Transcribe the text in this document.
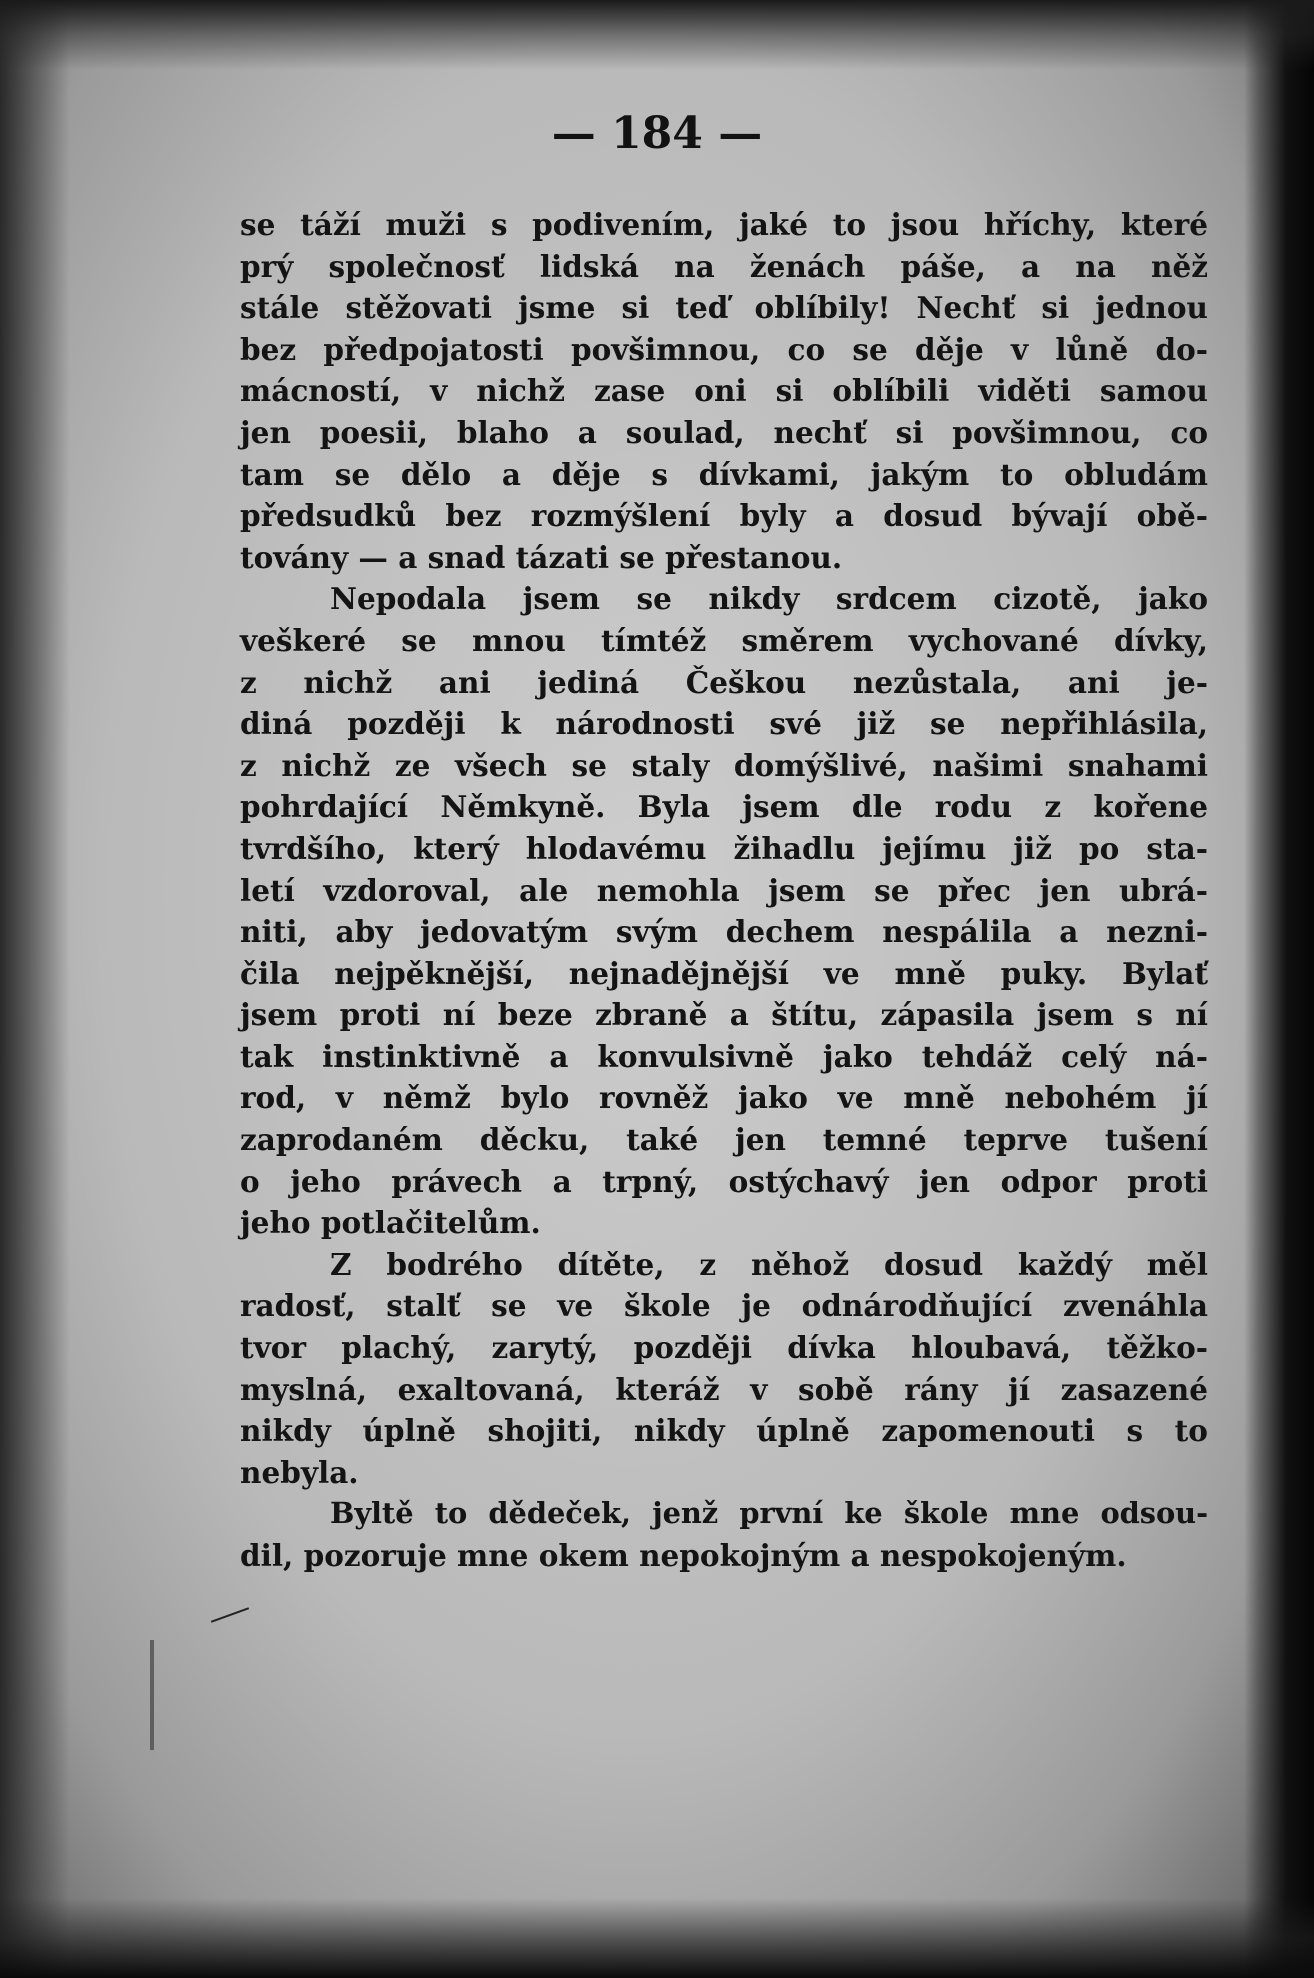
— 184 —

se táží muži s podivením, jaké to jsou hříchy, které
prý společnosť lidská na ženách páše, a na něž
stále stěžovati jsme si teď oblíbily! Nechť si jednou
bez předpojatosti povšimnou, co se děje v lůně do-
mácností, v nichž zase oni si oblíbili viděti samou
jen poesii, blaho a soulad, nechť si povšimnou, co
tam se dělo a děje s dívkami, jakým to obludám
předsudků bez rozmýšlení byly a dosud bývají obě-
továny — a snad tázati se přestanou.

Nepodala jsem se nikdy srdcem cizotě, jako
veškeré se mnou tímtéž směrem vychované dívky,
z nichž ani jediná Češkou nezůstala, ani je-
diná později k národnosti své již se nepřihlásila,
z nichž ze všech se staly domýšlivé, našimi snahami
pohrdající Němkyně. Byla jsem dle rodu z kořene
tvrdšího, který hlodavému žihadlu jejímu již po sta-
letí vzdoroval, ale nemohla jsem se přec jen ubrá-
niti, aby jedovatým svým dechem nespálila a nezni-
čila nejpěknější, nejnadějnější ve mně puky. Bylať
jsem proti ní beze zbraně a štítu, zápasila jsem s ní
tak instinktivně a konvulsivně jako tehdáž celý ná-
rod, v němž bylo rovněž jako ve mně nebohém jí
zaprodaném děcku, také jen temné teprve tušení
o jeho právech a trpný, ostýchavý jen odpor proti
jeho potlačitelům.

Z bodrého dítěte, z něhož dosud každý měl
radosť, stalť se ve škole je odnárodňující zvenáhla
tvor plachý, zarytý, později dívka hloubavá, těžko-
myslná, exaltovaná, kteráž v sobě rány jí zasazené
nikdy úplně shojiti, nikdy úplně zapomenouti s to
nebyla.

Byltě to dědeček, jenž první ke škole mne odsou-
dil, pozoruje mne okem nepokojným a nespokojeným.
